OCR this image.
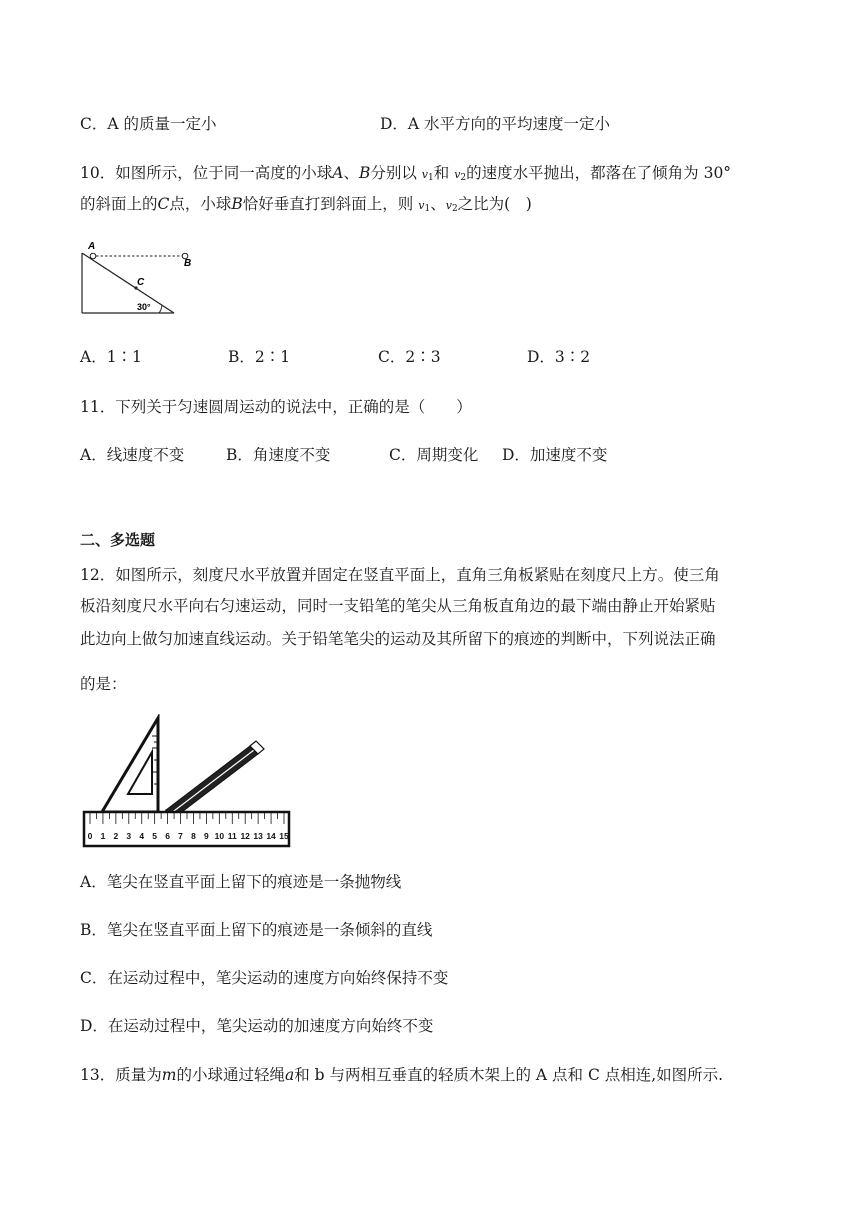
C．A 的质量一定小	D．A 水平方向的平均速度一定小
10．如图所示，位于同一高度的小球A、B分别以 $v_1$和 $v_2$的速度水平抛出，都落在了倾角为 30°
的斜面上的C点，小球B恰好垂直打到斜面上，则 $v_1$、$v_2$之比为(　)
A
B
C
30°
A．1∶1	B．2∶1	C．2∶3	D．3∶2
11．下列关于匀速圆周运动的说法中，正确的是（　　）
A．线速度不变	B．角速度不变	C．周期变化 D．加速度不变
二、多选题
12．如图所示，刻度尺水平放置并固定在竖直平面上，直角三角板紧贴在刻度尺上方。使三角
板沿刻度尺水平向右匀速运动，同时一支铅笔的笔尖从三角板直角边的最下端由静止开始紧贴
此边向上做匀加速直线运动。关于铅笔笔尖的运动及其所留下的痕迹的判断中，下列说法正确
的是：
0 1 2 3 4 5 6 7 8 9 10 11 12 13 14 15
A．笔尖在竖直平面上留下的痕迹是一条抛物线
B．笔尖在竖直平面上留下的痕迹是一条倾斜的直线
C．在运动过程中，笔尖运动的速度方向始终保持不变
D．在运动过程中，笔尖运动的加速度方向始终不变
13．质量为m的小球通过轻绳a和 b 与两相互垂直的轻质木架上的 A 点和 C 点相连,如图所示.
